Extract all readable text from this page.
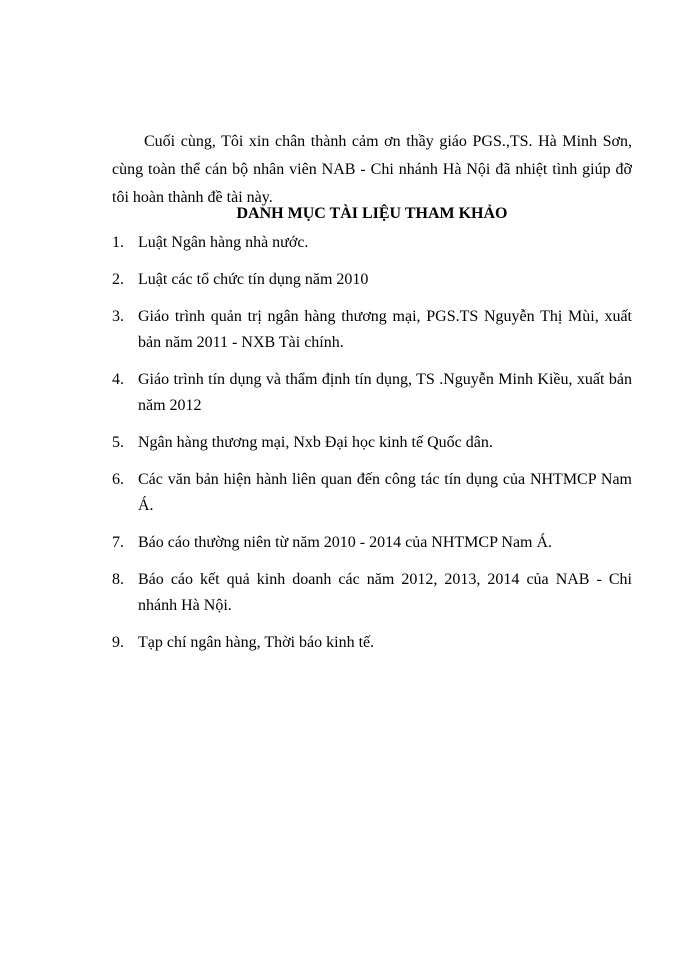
Cuối cùng, Tôi xin chân thành cảm ơn thầy giáo PGS.,TS. Hà Minh Sơn, cùng toàn thể cán bộ nhân viên NAB - Chi nhánh Hà Nội đã nhiệt tình giúp đỡ tôi hoàn thành đề tài này.

DANH MỤC TÀI LIỆU THAM KHẢO
1. Luật Ngân hàng nhà nước.
2. Luật các tổ chức tín dụng năm 2010
3. Giáo trình quản trị ngân hàng thương mại, PGS.TS Nguyễn Thị Mùi, xuất bản năm 2011 - NXB Tài chính.
4. Giáo trình tín dụng và thẩm định tín dụng, TS .Nguyễn Minh Kiều, xuất bản năm 2012
5. Ngân hàng thương mại, Nxb Đại học kinh tế Quốc dân.
6. Các văn bản hiện hành liên quan đến công tác tín dụng của NHTMCP Nam Á.
7. Báo cáo thường niên từ năm 2010 - 2014 của NHTMCP Nam Á.
8. Báo cáo kết quả kinh doanh các năm 2012, 2013, 2014 của NAB - Chi nhánh Hà Nội.
9. Tạp chí ngân hàng, Thời báo kinh tế.
